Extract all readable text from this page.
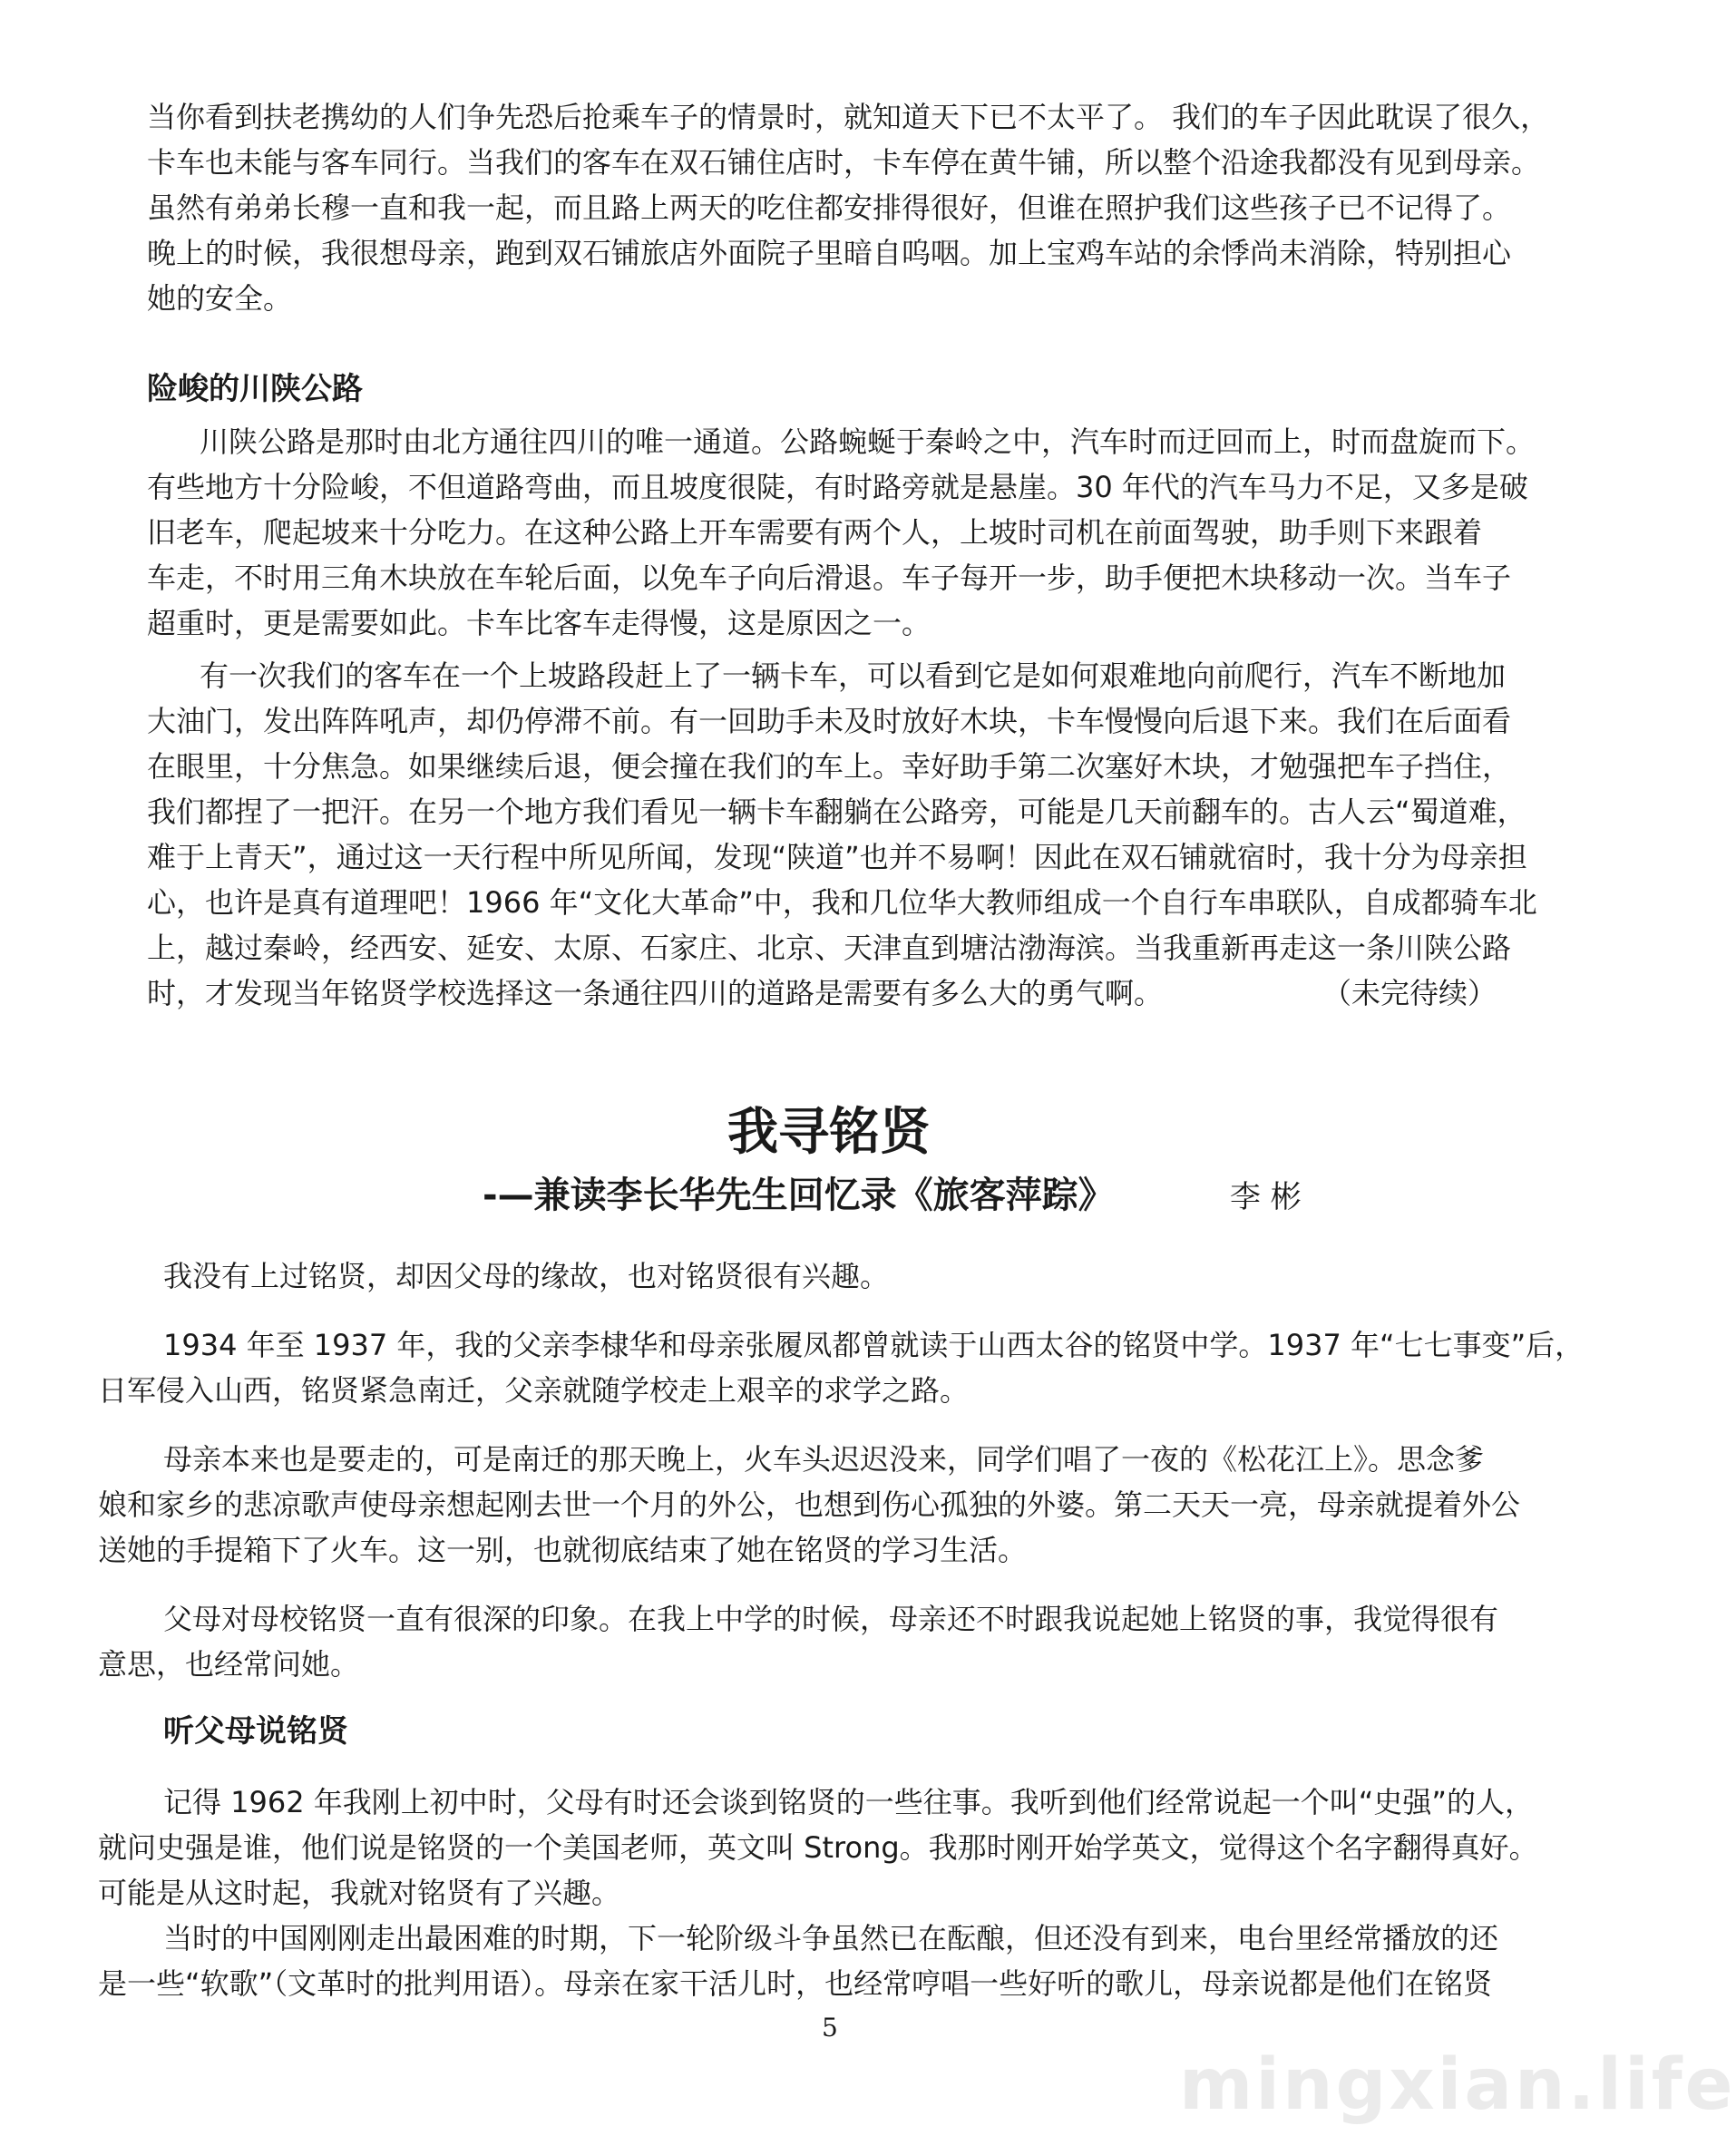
当你看到扶老携幼的人们争先恐后抢乘车子的情景时，就知道天下已不太平了。 我们的车子因此耽误了很久，
卡车也未能与客车同行。当我们的客车在双石铺住店时，卡车停在黄牛铺，所以整个沿途我都没有见到母亲。
虽然有弟弟长穆一直和我一起，而且路上两天的吃住都安排得很好，但谁在照护我们这些孩子已不记得了。
晚上的时候，我很想母亲，跑到双石铺旅店外面院子里暗自呜咽。加上宝鸡车站的余悸尚未消除，特别担心
她的安全。
险峻的川陕公路
川陕公路是那时由北方通往四川的唯一通道。公路蜿蜒于秦岭之中，汽车时而迂回而上，时而盘旋而下。
有些地方十分险峻，不但道路弯曲，而且坡度很陡，有时路旁就是悬崖。30 年代的汽车马力不足，又多是破
旧老车，爬起坡来十分吃力。在这种公路上开车需要有两个人，上坡时司机在前面驾驶，助手则下来跟着
车走，不时用三角木块放在车轮后面，以免车子向后滑退。车子每开一步，助手便把木块移动一次。当车子
超重时，更是需要如此。卡车比客车走得慢，这是原因之一。
有一次我们的客车在一个上坡路段赶上了一辆卡车，可以看到它是如何艰难地向前爬行，汽车不断地加
大油门，发出阵阵吼声，却仍停滞不前。有一回助手未及时放好木块，卡车慢慢向后退下来。我们在后面看
在眼里，十分焦急。如果继续后退，便会撞在我们的车上。幸好助手第二次塞好木块，才勉强把车子挡住，
我们都捏了一把汗。在另一个地方我们看见一辆卡车翻躺在公路旁，可能是几天前翻车的。古人云“蜀道难，
难于上青天”，通过这一天行程中所见所闻，发现“陕道”也并不易啊！因此在双石铺就宿时，我十分为母亲担
心，也许是真有道理吧！1966 年“文化大革命”中，我和几位华大教师组成一个自行车串联队，自成都骑车北
上，越过秦岭，经西安、延安、太原、石家庄、北京、天津直到塘沽渤海滨。当我重新再走这一条川陕公路
时，才发现当年铭贤学校选择这一条通往四川的道路是需要有多么大的勇气啊。	（未完待续）
我寻铭贤
-—兼读李长华先生回忆录《旅客萍踪》	李 彬
我没有上过铭贤，却因父母的缘故，也对铭贤很有兴趣。
1934 年至 1937 年，我的父亲李棣华和母亲张履凤都曾就读于山西太谷的铭贤中学。1937 年“七七事变”后，
日军侵入山西，铭贤紧急南迁，父亲就随学校走上艰辛的求学之路。
母亲本来也是要走的，可是南迁的那天晚上，火车头迟迟没来，同学们唱了一夜的《松花江上》。思念爹
娘和家乡的悲凉歌声使母亲想起刚去世一个月的外公，也想到伤心孤独的外婆。第二天天一亮，母亲就提着外公
送她的手提箱下了火车。这一别，也就彻底结束了她在铭贤的学习生活。
父母对母校铭贤一直有很深的印象。在我上中学的时候，母亲还不时跟我说起她上铭贤的事，我觉得很有
意思，也经常问她。
听父母说铭贤
记得 1962 年我刚上初中时，父母有时还会谈到铭贤的一些往事。我听到他们经常说起一个叫“史强”的人，
就问史强是谁，他们说是铭贤的一个美国老师，英文叫 Strong。我那时刚开始学英文，觉得这个名字翻得真好。
可能是从这时起，我就对铭贤有了兴趣。
当时的中国刚刚走出最困难的时期，下一轮阶级斗争虽然已在酝酿，但还没有到来，电台里经常播放的还
是一些“软歌”（文革时的批判用语）。母亲在家干活儿时，也经常哼唱一些好听的歌儿，母亲说都是他们在铭贤
5
mingxian.life
